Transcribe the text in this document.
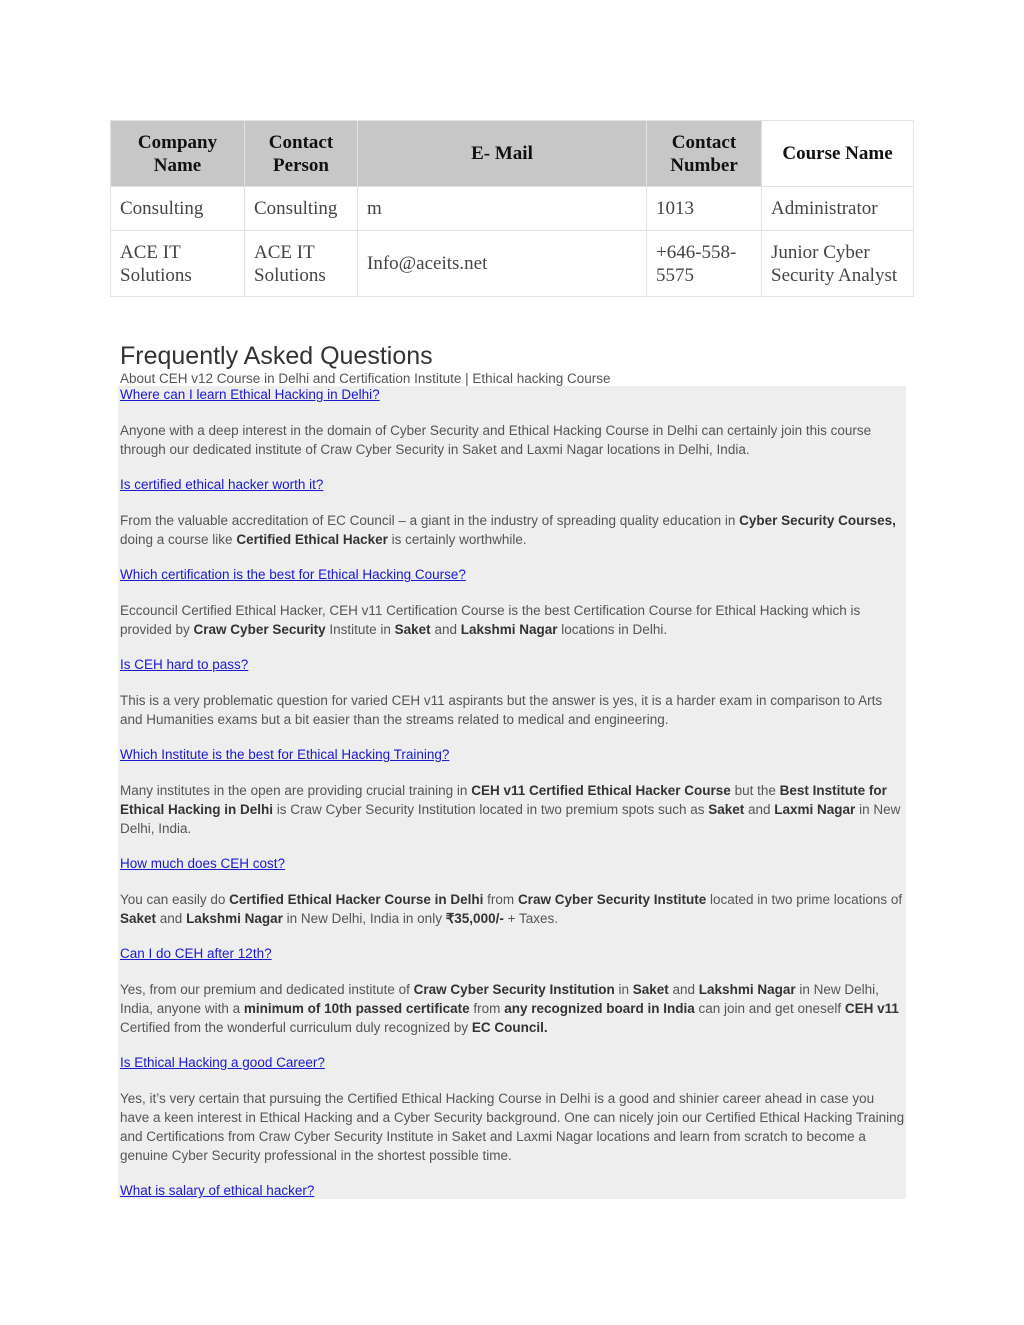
Company Name	Contact Person	E- Mail	Contact Number	Course Name
Consulting	Consulting	m	1013	Administrator
ACE IT Solutions	ACE IT Solutions	Info@aceits.net	+646-558-5575	Junior Cyber Security Analyst
Frequently Asked Questions

About CEH v12 Course in Delhi and Certification Institute | Ethical hacking Course

Where can I learn Ethical Hacking in Delhi?

Anyone with a deep interest in the domain of Cyber Security and Ethical Hacking Course in Delhi can certainly join this course through our dedicated institute of Craw Cyber Security in Saket and Laxmi Nagar locations in Delhi, India.

Is certified ethical hacker worth it?

From the valuable accreditation of EC Council – a giant in the industry of spreading quality education in Cyber Security Courses, doing a course like Certified Ethical Hacker is certainly worthwhile.

Which certification is the best for Ethical Hacking Course?

Eccouncil Certified Ethical Hacker, CEH v11 Certification Course is the best Certification Course for Ethical Hacking which is provided by Craw Cyber Security Institute in Saket and Lakshmi Nagar locations in Delhi.

Is CEH hard to pass?

This is a very problematic question for varied CEH v11 aspirants but the answer is yes, it is a harder exam in comparison to Arts and Humanities exams but a bit easier than the streams related to medical and engineering.

Which Institute is the best for Ethical Hacking Training?

Many institutes in the open are providing crucial training in CEH v11 Certified Ethical Hacker Course but the Best Institute for Ethical Hacking in Delhi is Craw Cyber Security Institution located in two premium spots such as Saket and Laxmi Nagar in New Delhi, India.

How much does CEH cost?

You can easily do Certified Ethical Hacker Course in Delhi from Craw Cyber Security Institute located in two prime locations of Saket and Lakshmi Nagar in New Delhi, India in only ₹35,000/- + Taxes.

Can I do CEH after 12th?

Yes, from our premium and dedicated institute of Craw Cyber Security Institution in Saket and Lakshmi Nagar in New Delhi, India, anyone with a minimum of 10th passed certificate from any recognized board in India can join and get oneself CEH v11 Certified from the wonderful curriculum duly recognized by EC Council.

Is Ethical Hacking a good Career?

Yes, it’s very certain that pursuing the Certified Ethical Hacking Course in Delhi is a good and shinier career ahead in case you have a keen interest in Ethical Hacking and a Cyber Security background. One can nicely join our Certified Ethical Hacking Training and Certifications from Craw Cyber Security Institute in Saket and Laxmi Nagar locations and learn from scratch to become a genuine Cyber Security professional in the shortest possible time.

What is salary of ethical hacker?
